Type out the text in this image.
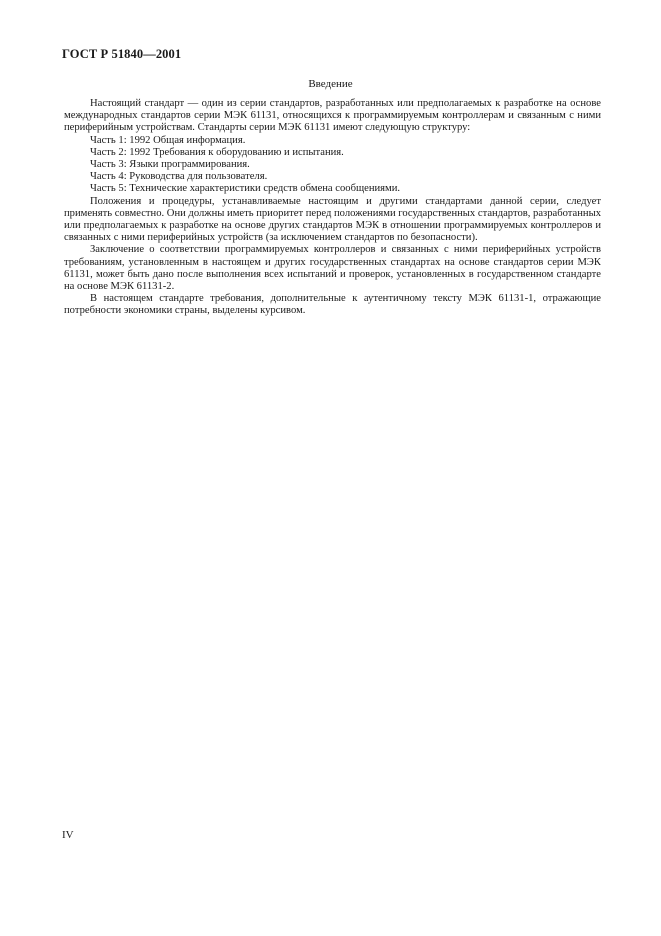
ГОСТ Р 51840—2001
Введение

Настоящий стандарт — один из серии стандартов, разработанных или предполагаемых к разработке на основе международных стандартов серии МЭК 61131, относящихся к программируемым контроллерам и связанным с ними периферийным устройствам. Стандарты серии МЭК 61131 имеют следующую структуру:

Часть 1: 1992 Общая информация.
Часть 2: 1992 Требования к оборудованию и испытания.
Часть 3: Языки программирования.
Часть 4: Руководства для пользователя.
Часть 5: Технические характеристики средств обмена сообщениями.

Положения и процедуры, устанавливаемые настоящим и другими стандартами данной серии, следует применять совместно. Они должны иметь приоритет перед положениями государственных стандартов, разработанных или предполагаемых к разработке на основе других стандартов МЭК в отношении программируемых контроллеров и связанных с ними периферийных устройств (за исключением стандартов по безопасности).

Заключение о соответствии программируемых контроллеров и связанных с ними периферийных устройств требованиям, установленным в настоящем и других государственных стандартах на основе стандартов серии МЭК 61131, может быть дано после выполнения всех испытаний и проверок, установленных в государственном стандарте на основе МЭК 61131-2.

В настоящем стандарте требования, дополнительные к аутентичному тексту МЭК 61131-1, отражающие потребности экономики страны, выделены курсивом.

IV
